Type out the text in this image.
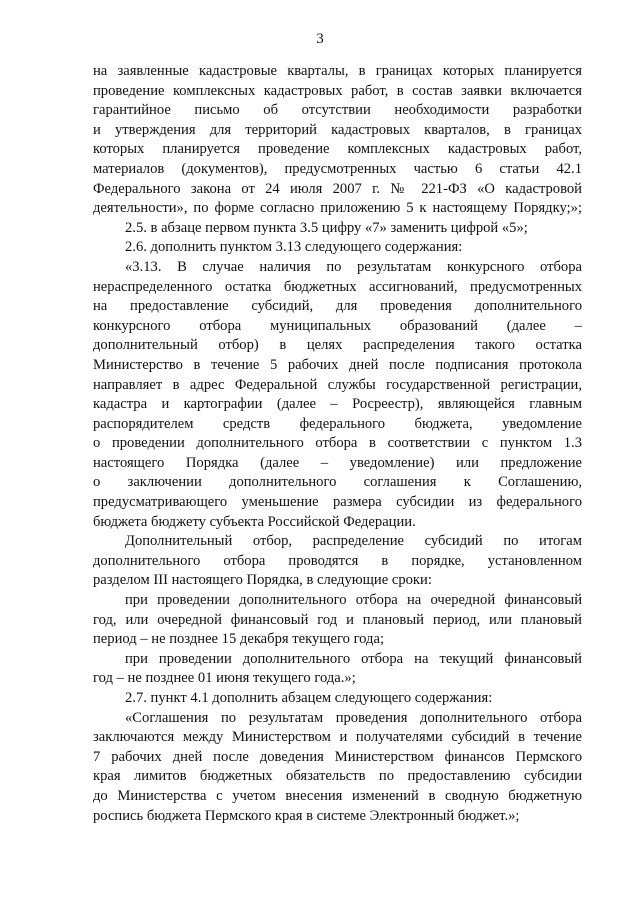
3
на заявленные кадастровые кварталы, в границах которых планируется
проведение комплексных кадастровых работ, в состав заявки включается
гарантийное письмо об отсутствии необходимости разработки
и утверждения для территорий кадастровых кварталов, в границах
которых планируется проведение комплексных кадастровых работ,
материалов (документов), предусмотренных частью 6 статьи 42.1
Федерального закона от 24 июля 2007 г. № 221-ФЗ «О кадастровой
деятельности», по форме согласно приложению 5 к настоящему Порядку;»;
2.5. в абзаце первом пункта 3.5 цифру «7» заменить цифрой «5»;
2.6. дополнить пунктом 3.13 следующего содержания:
«3.13. В случае наличия по результатам конкурсного отбора
нераспределенного остатка бюджетных ассигнований, предусмотренных
на предоставление субсидий, для проведения дополнительного
конкурсного отбора муниципальных образований (далее –
дополнительный отбор) в целях распределения такого остатка
Министерство в течение 5 рабочих дней после подписания протокола
направляет в адрес Федеральной службы государственной регистрации,
кадастра и картографии (далее – Росреестр), являющейся главным
распорядителем средств федерального бюджета, уведомление
о проведении дополнительного отбора в соответствии с пунктом 1.3
настоящего Порядка (далее – уведомление) или предложение
о заключении дополнительного соглашения к Соглашению,
предусматривающего уменьшение размера субсидии из федерального
бюджета бюджету субъекта Российской Федерации.
Дополнительный отбор, распределение субсидий по итогам
дополнительного отбора проводятся в порядке, установленном
разделом III настоящего Порядка, в следующие сроки:
при проведении дополнительного отбора на очередной финансовый
год, или очередной финансовый год и плановый период, или плановый
период – не позднее 15 декабря текущего года;
при проведении дополнительного отбора на текущий финансовый
год – не позднее 01 июня текущего года.»;
2.7. пункт 4.1 дополнить абзацем следующего содержания:
«Соглашения по результатам проведения дополнительного отбора
заключаются между Министерством и получателями субсидий в течение
7 рабочих дней после доведения Министерством финансов Пермского
края лимитов бюджетных обязательств по предоставлению субсидии
до Министерства с учетом внесения изменений в сводную бюджетную
роспись бюджета Пермского края в системе Электронный бюджет.»;
